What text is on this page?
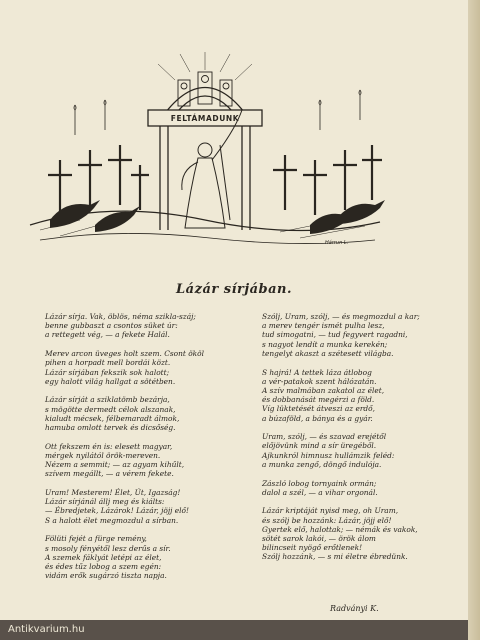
FELTÁMADUNK
Hárrun L.
Lázár sírjában.

Lázár sírja. Vak, öblös, néma szikla-száj;
benne gubbaszt a csontos süket úr:
a rettegett vég, — a fekete Halál.

Merev arcon üveges holt szem. Csont ököl
pihen a horpadt mell bordái közt.
Lázár sírjában fekszik sok halott;
egy halott világ hallgat a sötétben.

Lázár sírját a sziklatömb bezárja,
s mögötte dermedt célok alszanak,
kialudt mécsek, félbemaradt álmok,
hamuba omlott tervek és dicsőség.

Ott fekszem én is: elesett magyar,
mérgek nyilától örök-mereven.
Nézem a semmit; — az agyam kihűlt,
szívem megállt, — a vérem fekete.

Uram! Mesterem! Élet, Út, Igazság!
Lázár sírjánál állj meg és kiálts:
— Ébredjetek, Lázárok! Lázár, jöjj elő!
S a halott élet megmozdul a sírban.

Fölüti fejét a fürge remény,
s mosoly fényétől lesz derűs a sír.
A szemek fáklyát letépi az élet,
és édes tűz lobog a szem egén:
vidám erők sugárzó tiszta napja.

Szólj, Uram, szólj, — és megmozdul a kar;
a merev tengér ismét pulha lesz,
tud simogatni, — tud fegyvert ragadni,
s nagyot lendít a munka kerekén;
tengelyt akaszt a szétesett világba.

S hajrá! A tettek láza átlobog
a vér-patakok szent hálózatán.
A szív malmában zakatol az élet,
és dobbanását megérzi a föld.
Víg lüktetését átveszi az erdő,
a búzaföld, a bánya és a gyár.

Uram, szólj, — és szavad erejétől
előjövünk mind a sír üregéből.
Ajkunkról himnusz hullámzik feléd:
a munka zengő, döngő indulója.

Zászló lobog tornyaink ormán;
dalol a szél, — a vihar orgonál.

Lázár kriptáját nyisd meg, oh Uram,
és szólj be hozzánk: Lázár, jöjj elő!
Gyertek elő, halottak; — némák és vakok,
sötét sarok lakói, — örök álom
bilincseit nyögő erőtlenek!
Szólj hozzánk, — s mi életre ébredünk.

Radványi K.
Antikvarium.hu
